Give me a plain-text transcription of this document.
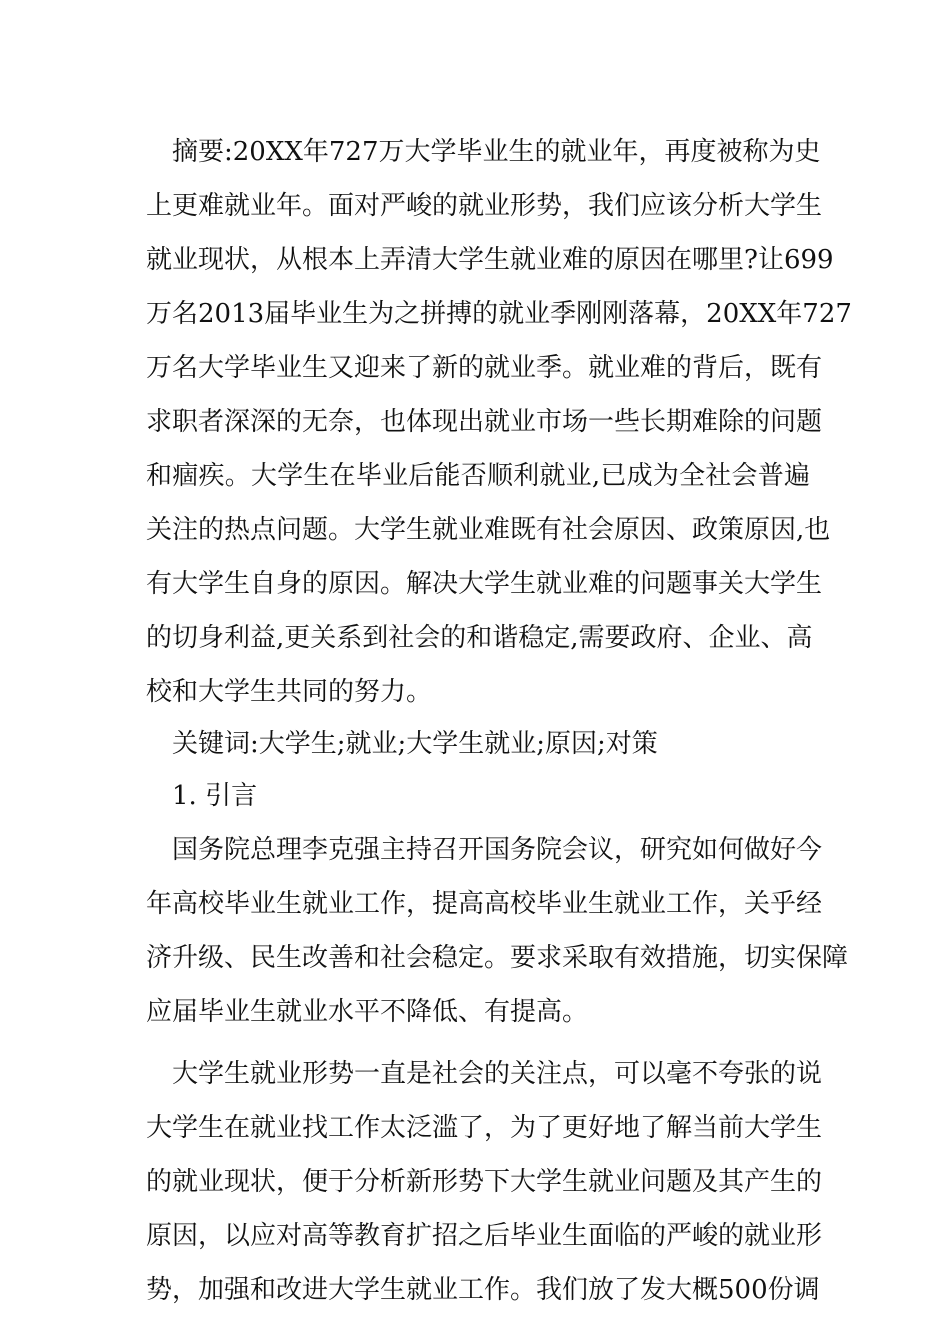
摘要:20XX年727万大学毕业生的就业年，再度被称为史
上更难就业年。面对严峻的就业形势，我们应该分析大学生
就业现状，从根本上弄清大学生就业难的原因在哪里?让699
万名2013届毕业生为之拼搏的就业季刚刚落幕，20XX年727
万名大学毕业生又迎来了新的就业季。就业难的背后，既有
求职者深深的无奈，也体现出就业市场一些长期难除的问题
和痼疾。大学生在毕业后能否顺利就业,已成为全社会普遍
关注的热点问题。大学生就业难既有社会原因、政策原因,也
有大学生自身的原因。解决大学生就业难的问题事关大学生
的切身利益,更关系到社会的和谐稳定,需要政府、企业、高
校和大学生共同的努力。
关键词:大学生;就业;大学生就业;原因;对策
1. 引言
国务院总理李克强主持召开国务院会议，研究如何做好今
年高校毕业生就业工作，提高高校毕业生就业工作，关乎经
济升级、民生改善和社会稳定。要求采取有效措施，切实保障
应届毕业生就业水平不降低、有提高。
大学生就业形势一直是社会的关注点，可以毫不夸张的说
大学生在就业找工作太泛滥了，为了更好地了解当前大学生
的就业现状，便于分析新形势下大学生就业问题及其产生的
原因，以应对高等教育扩招之后毕业生面临的严峻的就业形
势，加强和改进大学生就业工作。我们放了发大概500份调
